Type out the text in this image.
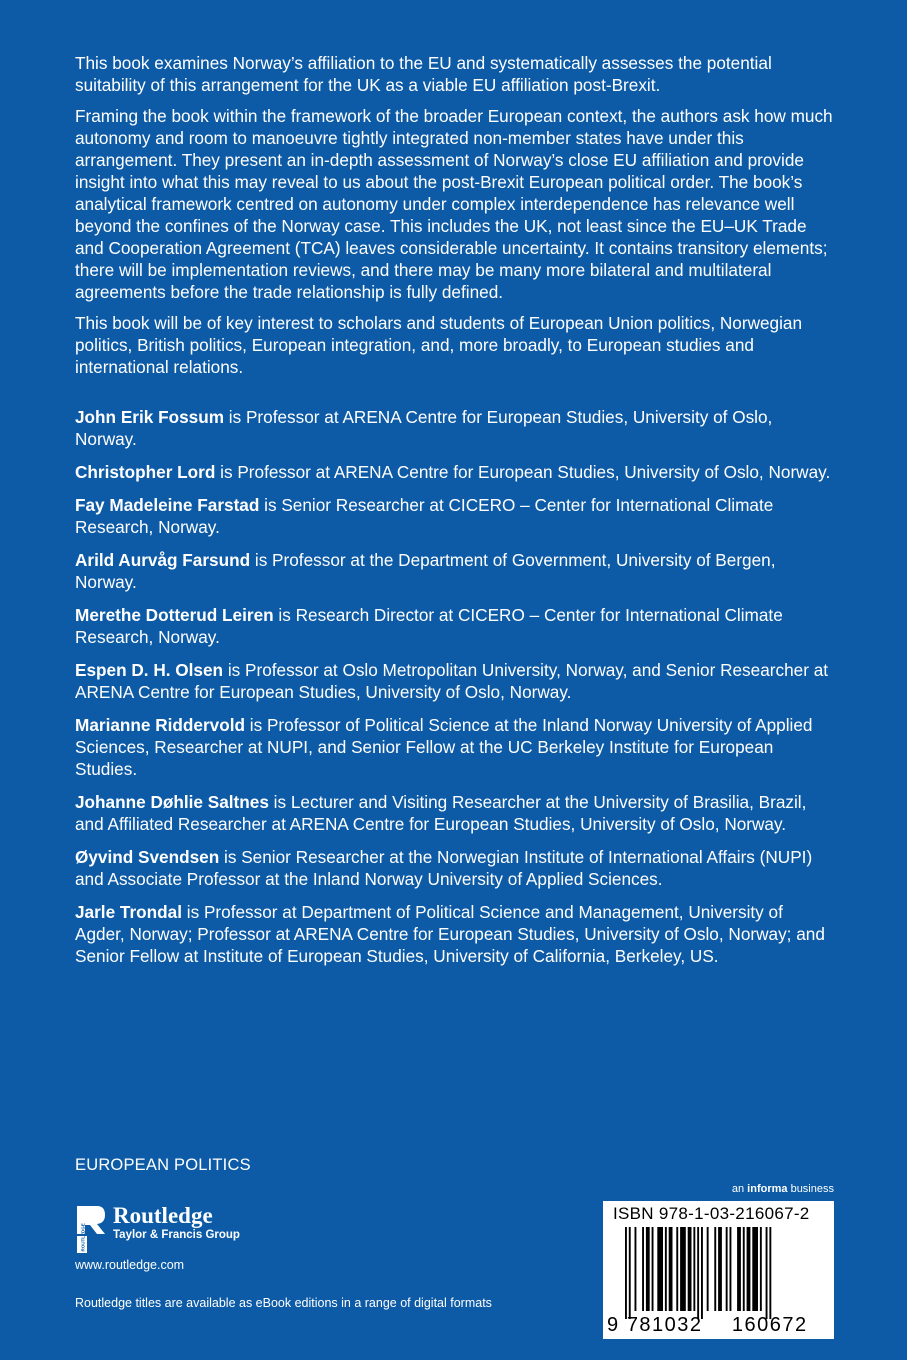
This book examines Norway’s affiliation to the EU and systematically assesses the potential suitability of this arrangement for the UK as a viable EU affiliation post-Brexit.

Framing the book within the framework of the broader European context, the authors ask how much autonomy and room to manoeuvre tightly integrated non-member states have under this arrangement. They present an in-depth assessment of Norway’s close EU affiliation and provide insight into what this may reveal to us about the post-Brexit European political order. The book’s analytical framework centred on autonomy under complex interdependence has relevance well beyond the confines of the Norway case. This includes the UK, not least since the EU–UK Trade and Cooperation Agreement (TCA) leaves considerable uncertainty. It contains transitory elements; there will be implementation reviews, and there may be many more bilateral and multilateral agreements before the trade relationship is fully defined.

This book will be of key interest to scholars and students of European Union politics, Norwegian politics, British politics, European integration, and, more broadly, to European studies and international relations.

John Erik Fossum is Professor at ARENA Centre for European Studies, University of Oslo, Norway.

Christopher Lord is Professor at ARENA Centre for European Studies, University of Oslo, Norway.

Fay Madeleine Farstad is Senior Researcher at CICERO – Center for International Climate Research, Norway.

Arild Aurvåg Farsund is Professor at the Department of Government, University of Bergen, Norway.

Merethe Dotterud Leiren is Research Director at CICERO – Center for International Climate Research, Norway.

Espen D. H. Olsen is Professor at Oslo Metropolitan University, Norway, and Senior Researcher at ARENA Centre for European Studies, University of Oslo, Norway.

Marianne Riddervold is Professor of Political Science at the Inland Norway University of Applied Sciences, Researcher at NUPI, and Senior Fellow at the UC Berkeley Institute for European Studies.

Johanne Døhlie Saltnes is Lecturer and Visiting Researcher at the University of Brasilia, Brazil, and Affiliated Researcher at ARENA Centre for European Studies, University of Oslo, Norway.

Øyvind Svendsen is Senior Researcher at the Norwegian Institute of International Affairs (NUPI) and Associate Professor at the Inland Norway University of Applied Sciences.

Jarle Trondal is Professor at Department of Political Science and Management, University of Agder, Norway; Professor at ARENA Centre for European Studies, University of Oslo, Norway; and Senior Fellow at Institute of European Studies, University of California, Berkeley, US.

EUROPEAN POLITICS
ROUTLEDGE
Routledge
Taylor & Francis Group
www.routledge.com
Routledge titles are available as eBook editions in a range of digital formats
an informa business
ISBN 978-1-03-216067-2
9 781032	160672
